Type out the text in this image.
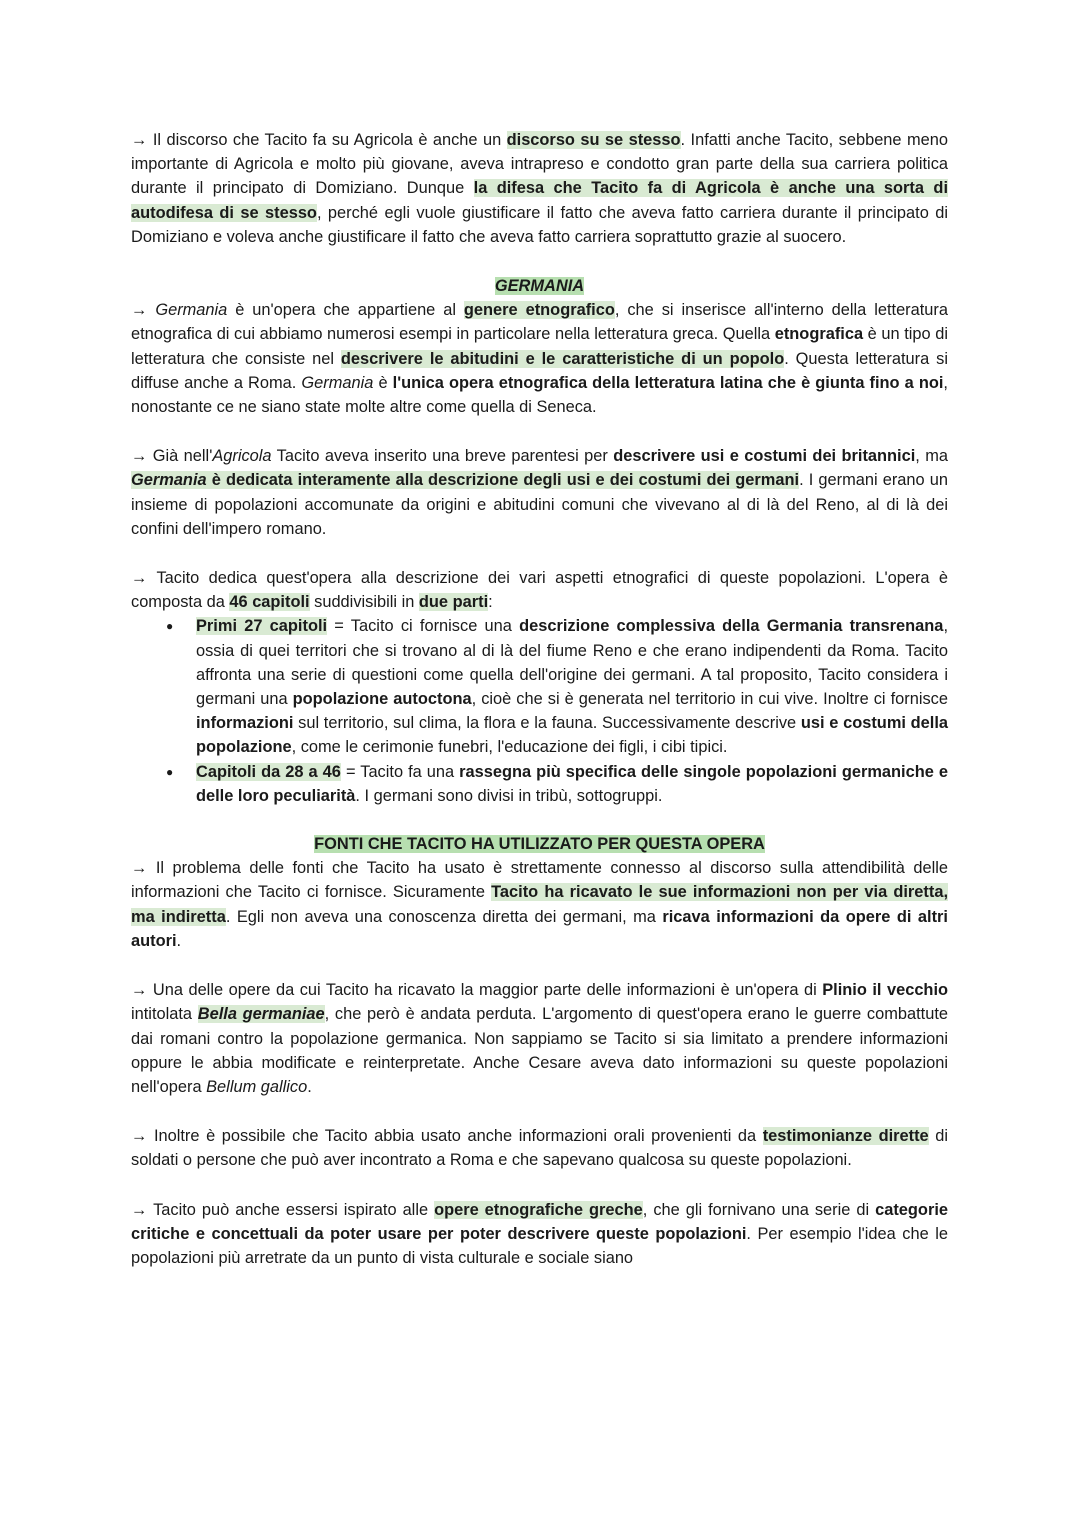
→ Il discorso che Tacito fa su Agricola è anche un discorso su se stesso. Infatti anche Tacito, sebbene meno importante di Agricola e molto più giovane, aveva intrapreso e condotto gran parte della sua carriera politica durante il principato di Domiziano. Dunque la difesa che Tacito fa di Agricola è anche una sorta di autodifesa di se stesso, perché egli vuole giustificare il fatto che aveva fatto carriera durante il principato di Domiziano e voleva anche giustificare il fatto che aveva fatto carriera soprattutto grazie al suocero.

GERMANIA

→ Germania è un'opera che appartiene al genere etnografico, che si inserisce all'interno della letteratura etnografica di cui abbiamo numerosi esempi in particolare nella letteratura greca. Quella etnografica è un tipo di letteratura che consiste nel descrivere le abitudini e le caratteristiche di un popolo. Questa letteratura si diffuse anche a Roma. Germania è l'unica opera etnografica della letteratura latina che è giunta fino a noi, nonostante ce ne siano state molte altre come quella di Seneca.

→ Già nell'Agricola Tacito aveva inserito una breve parentesi per descrivere usi e costumi dei britannici, ma Germania è dedicata interamente alla descrizione degli usi e dei costumi dei germani. I germani erano un insieme di popolazioni accomunate da origini e abitudini comuni che vivevano al di là del Reno, al di là dei confini dell'impero romano.

→ Tacito dedica quest'opera alla descrizione dei vari aspetti etnografici di queste popolazioni. L'opera è composta da 46 capitoli suddivisibili in due parti:

● Primi 27 capitoli = Tacito ci fornisce una descrizione complessiva della Germania transrenana, ossia di quei territori che si trovano al di là del fiume Reno e che erano indipendenti da Roma. Tacito affronta una serie di questioni come quella dell'origine dei germani. A tal proposito, Tacito considera i germani una popolazione autoctona, cioè che si è generata nel territorio in cui vive. Inoltre ci fornisce informazioni sul territorio, sul clima, la flora e la fauna. Successivamente descrive usi e costumi della popolazione, come le cerimonie funebri, l'educazione dei figli, i cibi tipici.
● Capitoli da 28 a 46 = Tacito fa una rassegna più specifica delle singole popolazioni germaniche e delle loro peculiarità. I germani sono divisi in tribù, sottogruppi.

FONTI CHE TACITO HA UTILIZZATO PER QUESTA OPERA

→ Il problema delle fonti che Tacito ha usato è strettamente connesso al discorso sulla attendibilità delle informazioni che Tacito ci fornisce. Sicuramente Tacito ha ricavato le sue informazioni non per via diretta, ma indiretta. Egli non aveva una conoscenza diretta dei germani, ma ricava informazioni da opere di altri autori.

→ Una delle opere da cui Tacito ha ricavato la maggior parte delle informazioni è un'opera di Plinio il vecchio intitolata Bella germaniae, che però è andata perduta. L'argomento di quest'opera erano le guerre combattute dai romani contro la popolazione germanica. Non sappiamo se Tacito si sia limitato a prendere informazioni oppure le abbia modificate e reinterpretate. Anche Cesare aveva dato informazioni su queste popolazioni nell'opera Bellum gallico.

→ Inoltre è possibile che Tacito abbia usato anche informazioni orali provenienti da testimonianze dirette di soldati o persone che può aver incontrato a Roma e che sapevano qualcosa su queste popolazioni.

→ Tacito può anche essersi ispirato alle opere etnografiche greche, che gli fornivano una serie di categorie critiche e concettuali da poter usare per poter descrivere queste popolazioni. Per esempio l'idea che le popolazioni più arretrate da un punto di vista culturale e sociale siano
